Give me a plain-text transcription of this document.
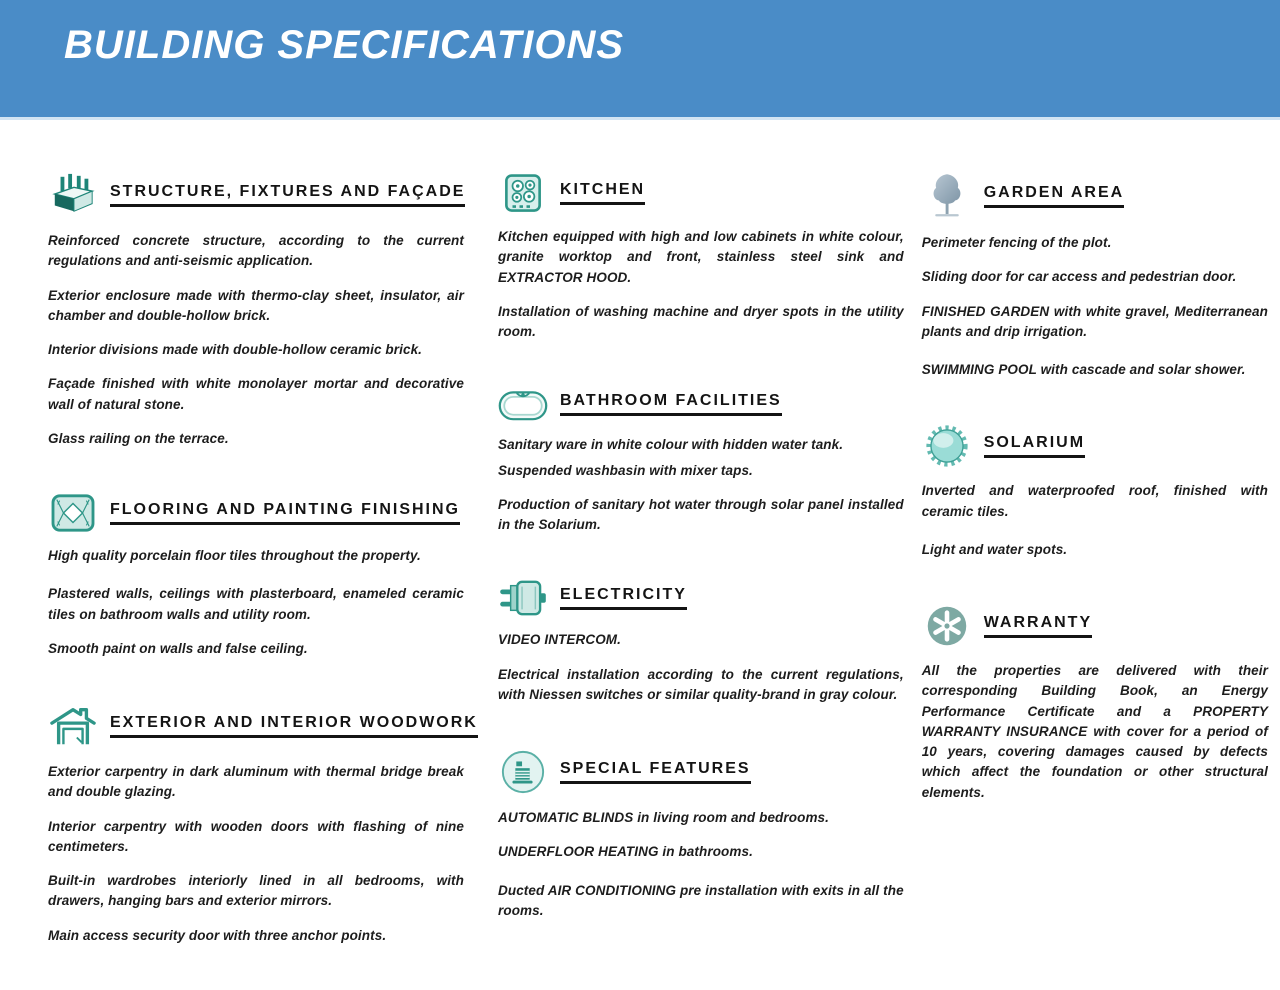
BUILDING SPECIFICATIONS
STRUCTURE, FIXTURES AND FAÇADE

Reinforced concrete structure, according to the current regulations and anti-seismic application.

Exterior enclosure made with thermo-clay sheet, insulator, air chamber and double-hollow brick.

Interior divisions made with double-hollow ceramic brick.

Façade finished with white monolayer mortar and decorative wall of natural stone.

Glass railing on the terrace.

FLOORING AND PAINTING FINISHING

High quality porcelain floor tiles throughout the property.

Plastered walls, ceilings with plasterboard, enameled ceramic tiles on bathroom walls and utility room.

Smooth paint on walls and false ceiling.

EXTERIOR AND INTERIOR WOODWORK

Exterior carpentry in dark aluminum with thermal bridge break and double glazing.

Interior carpentry with wooden doors with flashing of nine centimeters.

Built-in wardrobes interiorly lined in all bedrooms, with drawers, hanging bars and exterior mirrors.

Main access security door with three anchor points.

KITCHEN

Kitchen equipped with high and low cabinets in white colour, granite worktop and front, stainless steel sink and EXTRACTOR HOOD.

Installation of washing machine and dryer spots in the utility room.

BATHROOM FACILITIES

Sanitary ware in white colour with hidden water tank.

Suspended washbasin with mixer taps.

Production of sanitary hot water through solar panel installed in the Solarium.

ELECTRICITY

VIDEO INTERCOM.

Electrical installation according to the current regulations, with Niessen switches or similar quality-brand in gray colour.

SPECIAL FEATURES

AUTOMATIC BLINDS in living room and bedrooms.

UNDERFLOOR HEATING in bathrooms.

Ducted AIR CONDITIONING pre installation with exits in all the rooms.

GARDEN AREA

Perimeter fencing of the plot.

Sliding door for car access and pedestrian door.

FINISHED GARDEN with white gravel, Mediterranean plants and drip irrigation.

SWIMMING POOL with cascade and solar shower.

SOLARIUM

Inverted and waterproofed roof, finished with ceramic tiles.

Light and water spots.

WARRANTY

All the properties are delivered with their corresponding Building Book, an Energy Performance Certificate and a PROPERTY WARRANTY INSURANCE with cover for a period of 10 years, covering damages caused by defects which affect the foundation or other structural elements.
